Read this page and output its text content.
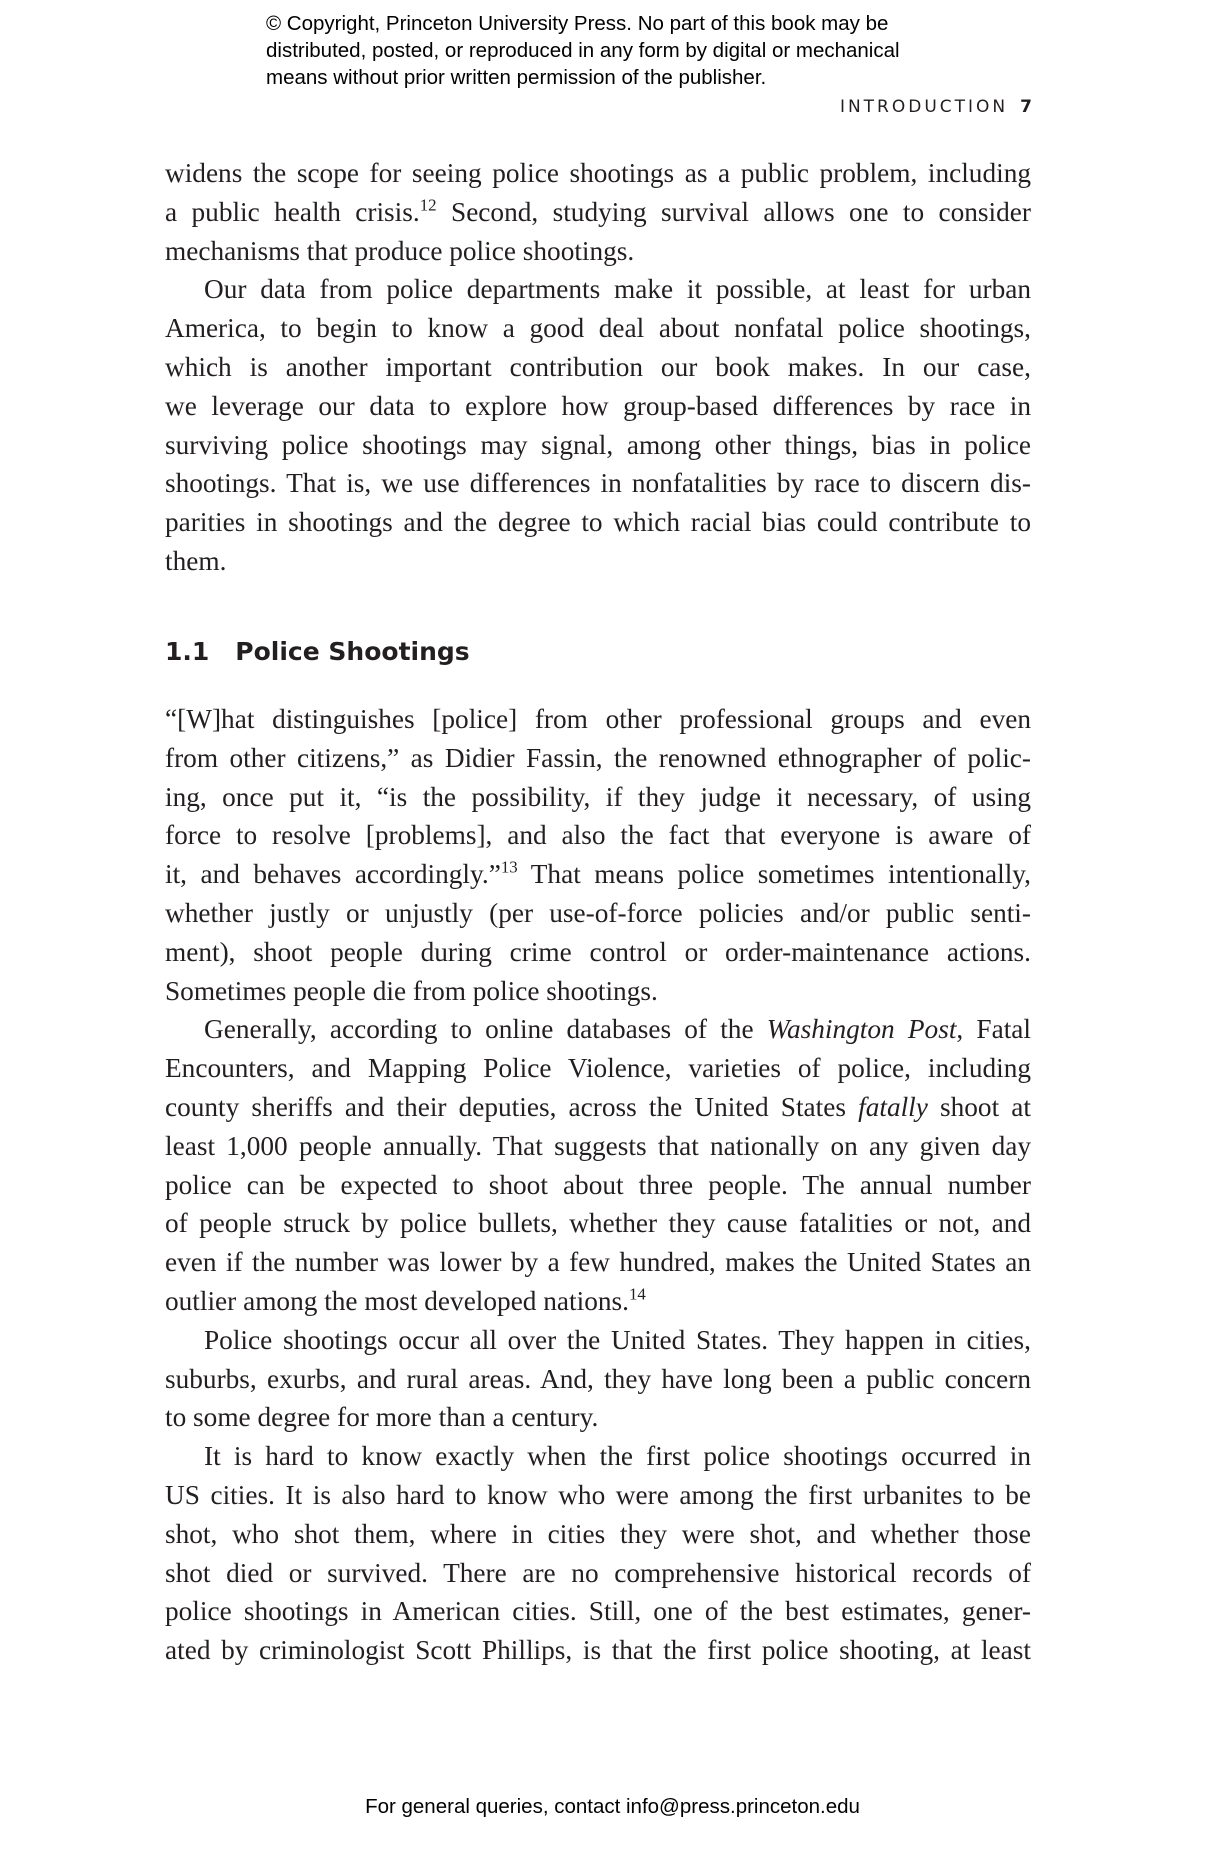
© Copyright, Princeton University Press. No part of this book may be
distributed, posted, or reproduced in any form by digital or mechanical
means without prior written permission of the publisher.
INTRODUCTION 7
widens the scope for seeing police shootings as a public problem, including
a public health crisis.$^{12}$ Second, studying survival allows one to consider
mechanisms that produce police shootings.
Our data from police departments make it possible, at least for urban
America, to begin to know a good deal about nonfatal police shootings,
which is another important contribution our book makes. In our case,
we leverage our data to explore how group-based differences by race in
surviving police shootings may signal, among other things, bias in police
shootings. That is, we use differences in nonfatalities by race to discern dis-
parities in shootings and the degree to which racial bias could contribute to
them.
1.1 Police Shootings
“[W]hat distinguishes [police] from other professional groups and even
from other citizens,” as Didier Fassin, the renowned ethnographer of polic-
ing, once put it, “is the possibility, if they judge it necessary, of using
force to resolve [problems], and also the fact that everyone is aware of
it, and behaves accordingly.”$^{13}$ That means police sometimes intentionally,
whether justly or unjustly (per use-of-force policies and/or public senti-
ment), shoot people during crime control or order-maintenance actions.
Sometimes people die from police shootings.
Generally, according to online databases of the Washington Post, Fatal
Encounters, and Mapping Police Violence, varieties of police, including
county sheriffs and their deputies, across the United States fatally shoot at
least 1,000 people annually. That suggests that nationally on any given day
police can be expected to shoot about three people. The annual number
of people struck by police bullets, whether they cause fatalities or not, and
even if the number was lower by a few hundred, makes the United States an
outlier among the most developed nations.$^{14}$
Police shootings occur all over the United States. They happen in cities,
suburbs, exurbs, and rural areas. And, they have long been a public concern
to some degree for more than a century.
It is hard to know exactly when the first police shootings occurred in
US cities. It is also hard to know who were among the first urbanites to be
shot, who shot them, where in cities they were shot, and whether those
shot died or survived. There are no comprehensive historical records of
police shootings in American cities. Still, one of the best estimates, gener-
ated by criminologist Scott Phillips, is that the first police shooting, at least
For general queries, contact info@press.princeton.edu
